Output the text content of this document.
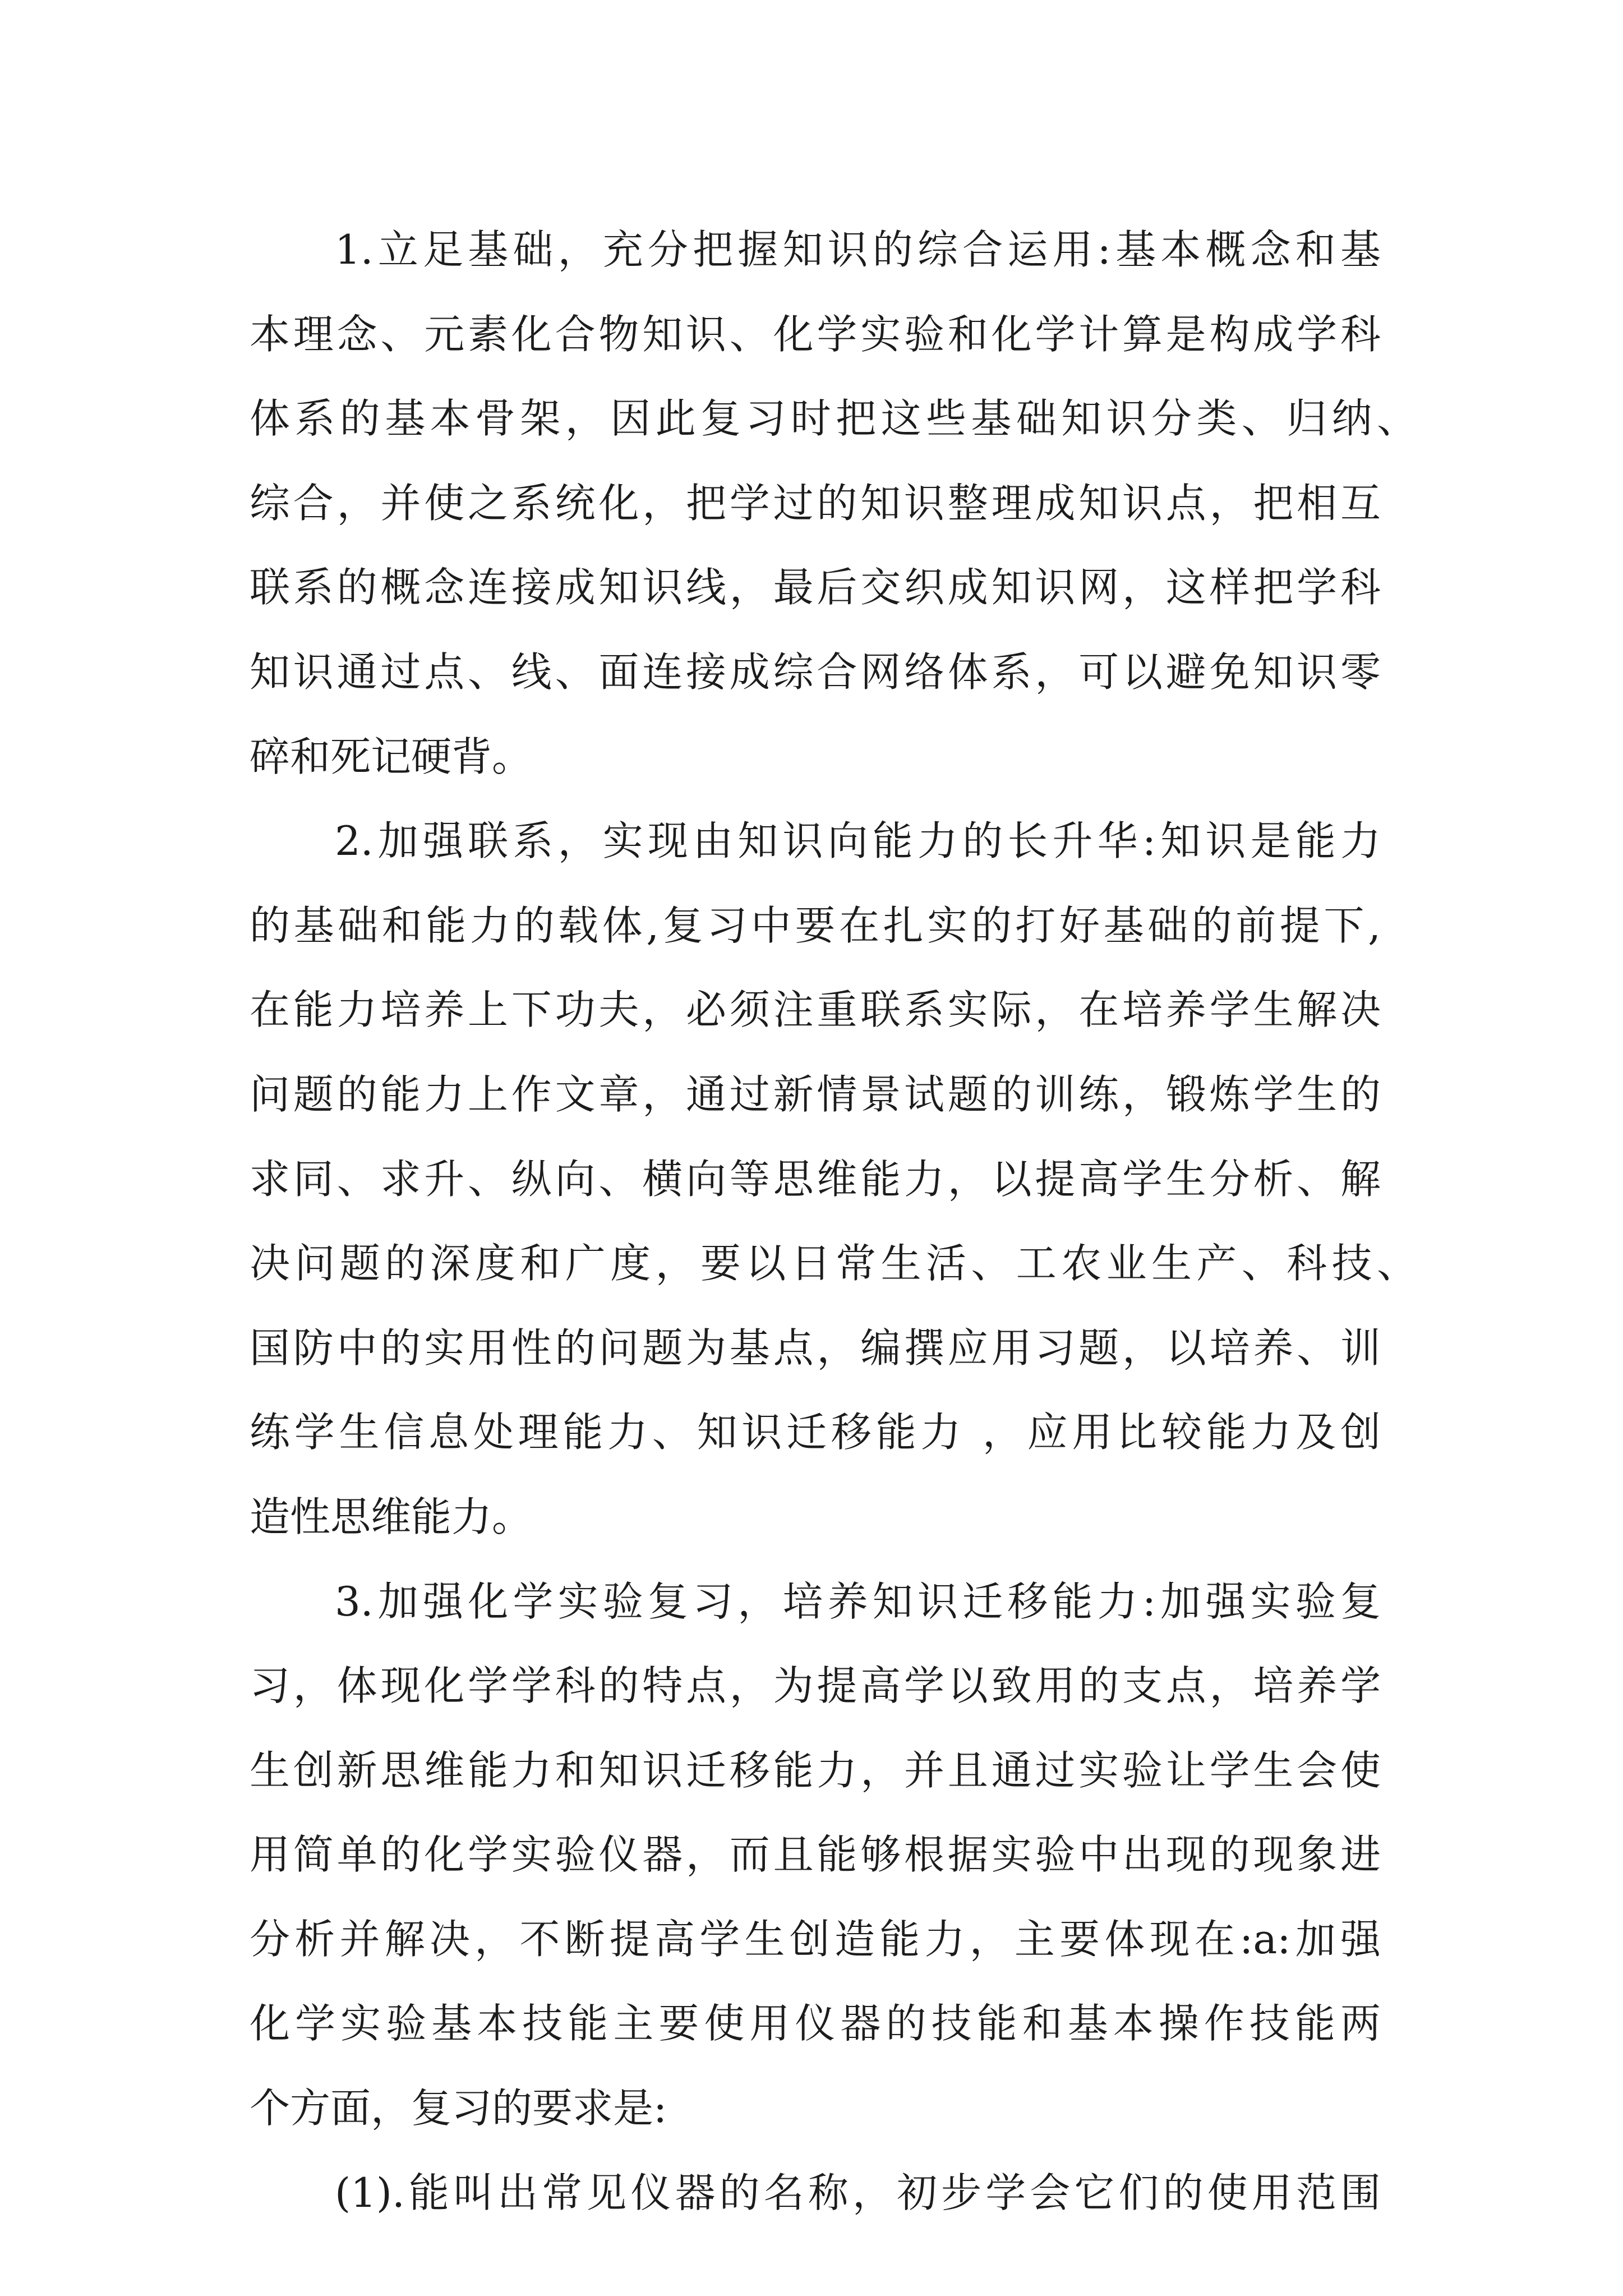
1.立足基础，充分把握知识的综合运用:基本概念和基
本理念、元素化合物知识、化学实验和化学计算是构成学科
体系的基本骨架，因此复习时把这些基础知识分类、归纳、
综合，并使之系统化，把学过的知识整理成知识点，把相互
联系的概念连接成知识线，最后交织成知识网，这样把学科
知识通过点、线、面连接成综合网络体系，可以避免知识零
碎和死记硬背。
2.加强联系，实现由知识向能力的长升华:知识是能力
的基础和能力的载体,复习中要在扎实的打好基础的前提下,
在能力培养上下功夫，必须注重联系实际，在培养学生解决
问题的能力上作文章，通过新情景试题的训练，锻炼学生的
求同、求升、纵向、横向等思维能力，以提高学生分析、解
决问题的深度和广度，要以日常生活、工农业生产、科技、
国防中的实用性的问题为基点，编撰应用习题，以培养、训
练学生信息处理能力、知识迁移能力 ，应用比较能力及创
造性思维能力。
3.加强化学实验复习，培养知识迁移能力:加强实验复
习，体现化学学科的特点，为提高学以致用的支点，培养学
生创新思维能力和知识迁移能力，并且通过实验让学生会使
用简单的化学实验仪器，而且能够根据实验中出现的现象进
分析并解决，不断提高学生创造能力，主要体现在:a:加强
化学实验基本技能主要使用仪器的技能和基本操作技能两
个方面，复习的要求是:
(1).能叫出常见仪器的名称，初步学会它们的使用范围
